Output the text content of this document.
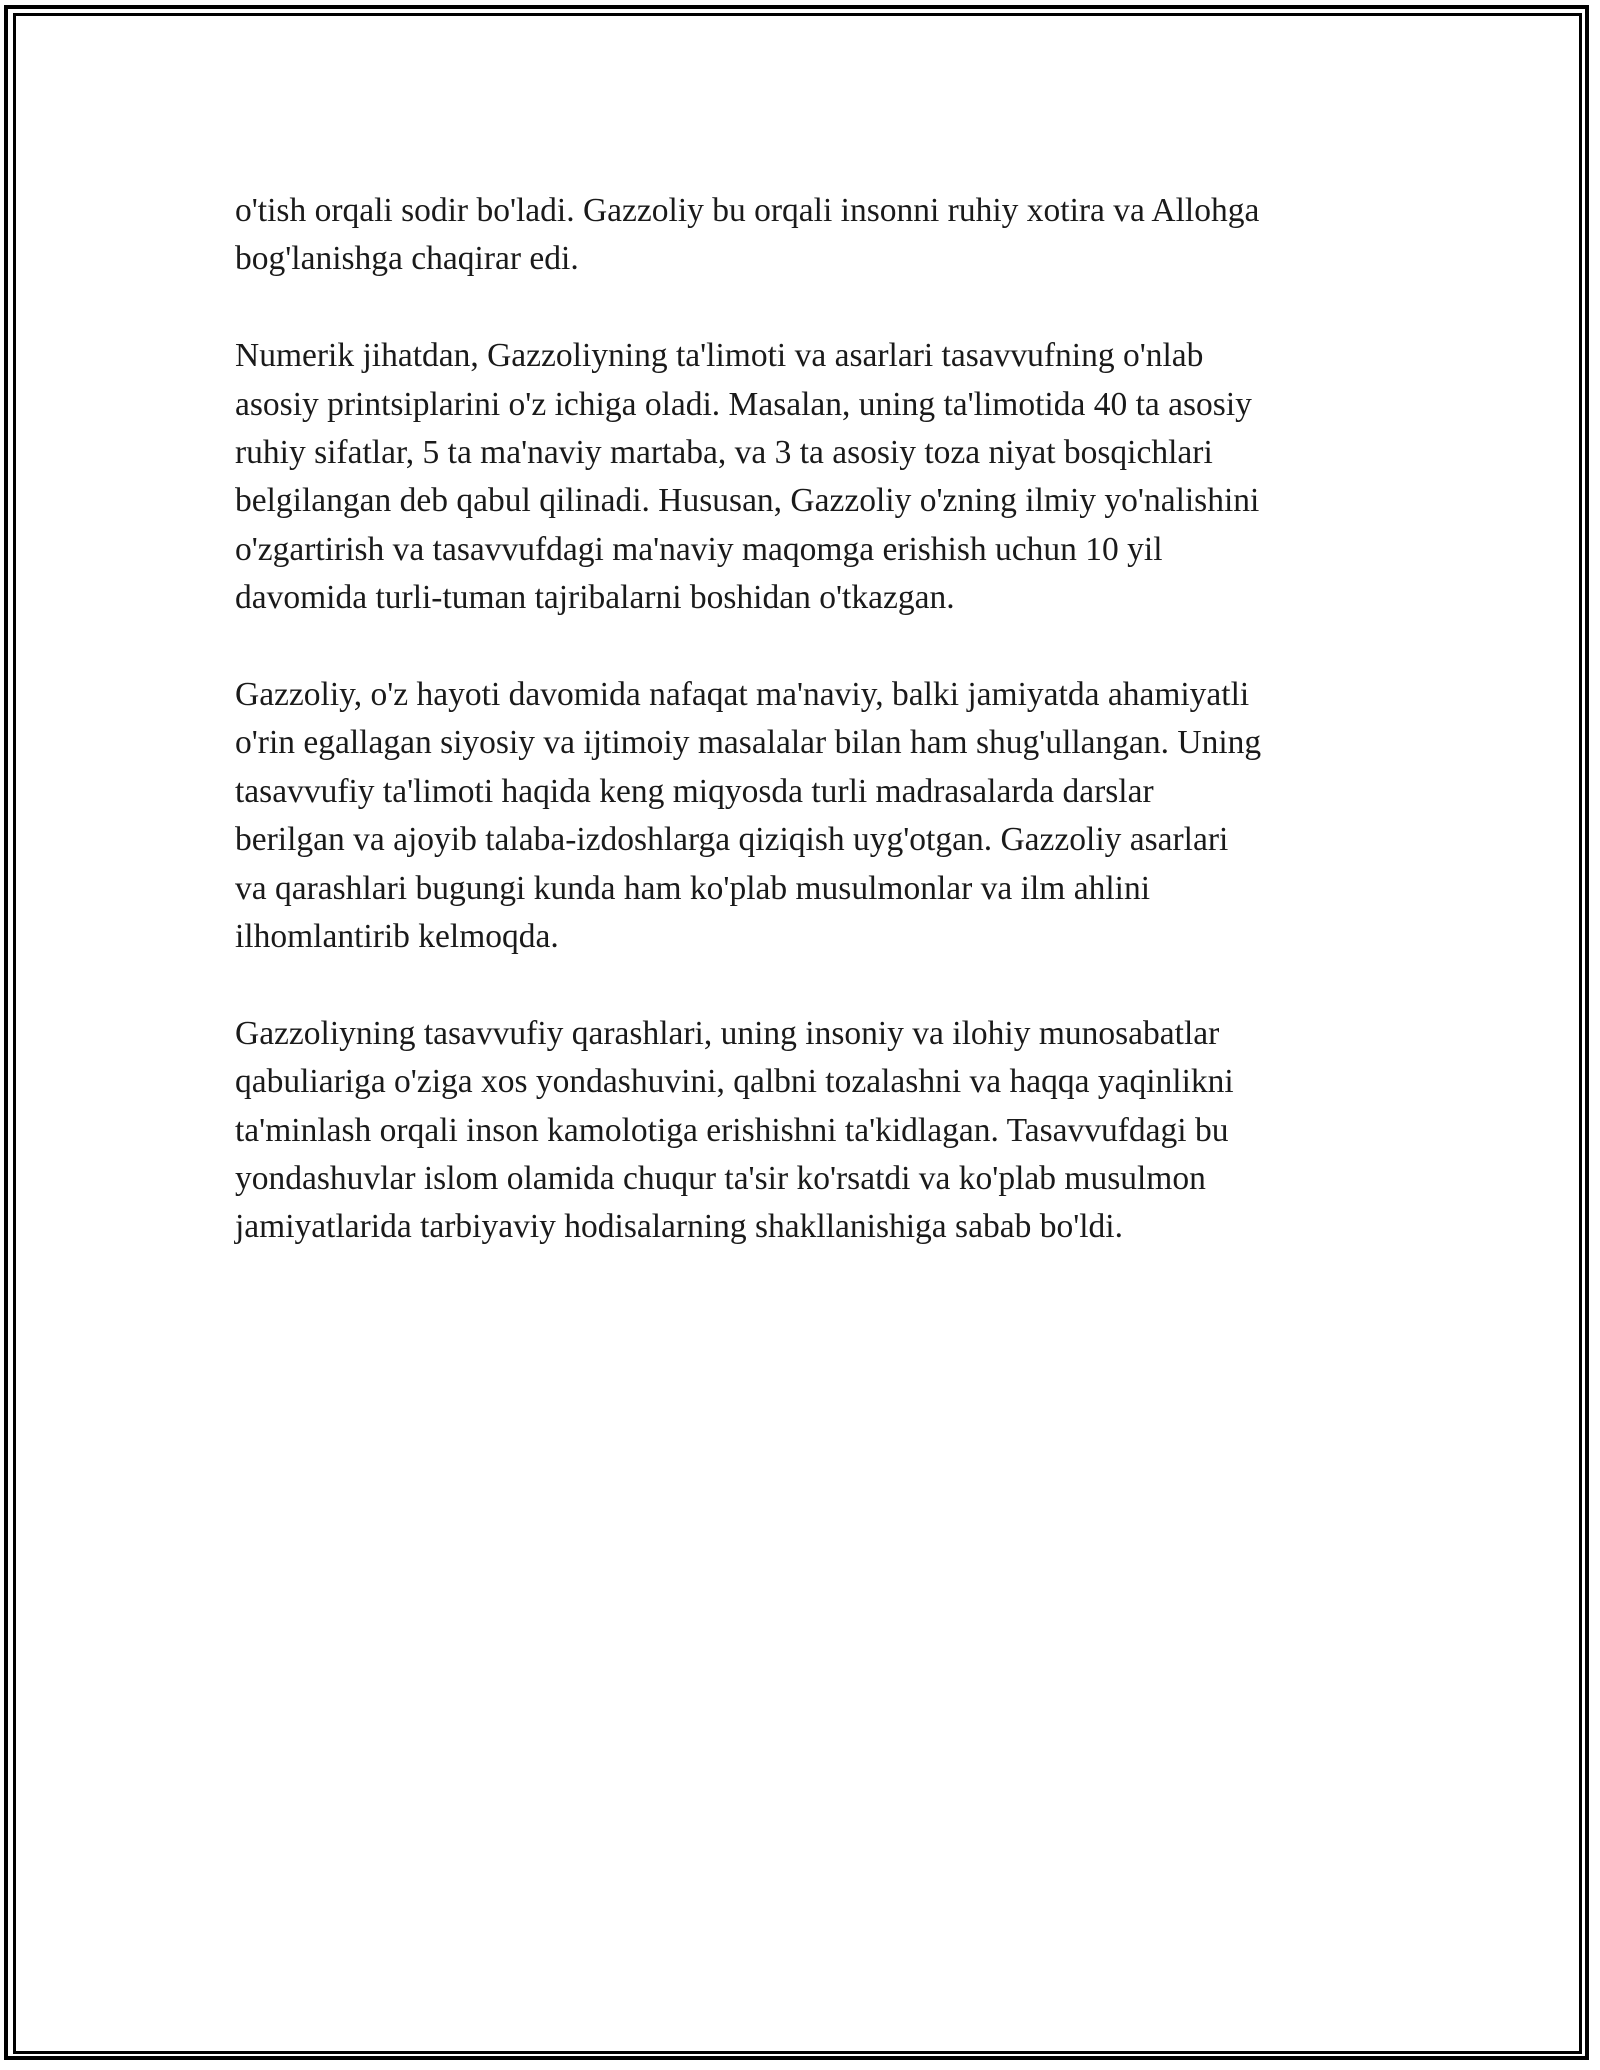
o'tish orqali sodir bo'ladi. Gazzoliy bu orqali insonni ruhiy xotira va Allohga
bog'lanishga chaqirar edi.

Numerik jihatdan, Gazzoliyning ta'limoti va asarlari tasavvufning o'nlab
asosiy printsiplarini o'z ichiga oladi. Masalan, uning ta'limotida 40 ta asosiy
ruhiy sifatlar, 5 ta ma'naviy martaba, va 3 ta asosiy toza niyat bosqichlari
belgilangan deb qabul qilinadi. Hususan, Gazzoliy o'zning ilmiy yo'nalishini
o'zgartirish va tasavvufdagi ma'naviy maqomga erishish uchun 10 yil
davomida turli-tuman tajribalarni boshidan o'tkazgan.

Gazzoliy, o'z hayoti davomida nafaqat ma'naviy, balki jamiyatda ahamiyatli
o'rin egallagan siyosiy va ijtimoiy masalalar bilan ham shug'ullangan. Uning
tasavvufiy ta'limoti haqida keng miqyosda turli madrasalarda darslar
berilgan va ajoyib talaba-izdoshlarga qiziqish uyg'otgan. Gazzoliy asarlari
va qarashlari bugungi kunda ham ko'plab musulmonlar va ilm ahlini
ilhomlantirib kelmoqda.

Gazzoliyning tasavvufiy qarashlari, uning insoniy va ilohiy munosabatlar
qabuliariga o'ziga xos yondashuvini, qalbni tozalashni va haqqa yaqinlikni
ta'minlash orqali inson kamolotiga erishishni ta'kidlagan. Tasavvufdagi bu
yondashuvlar islom olamida chuqur ta'sir ko'rsatdi va ko'plab musulmon
jamiyatlarida tarbiyaviy hodisalarning shakllanishiga sabab bo'ldi.
